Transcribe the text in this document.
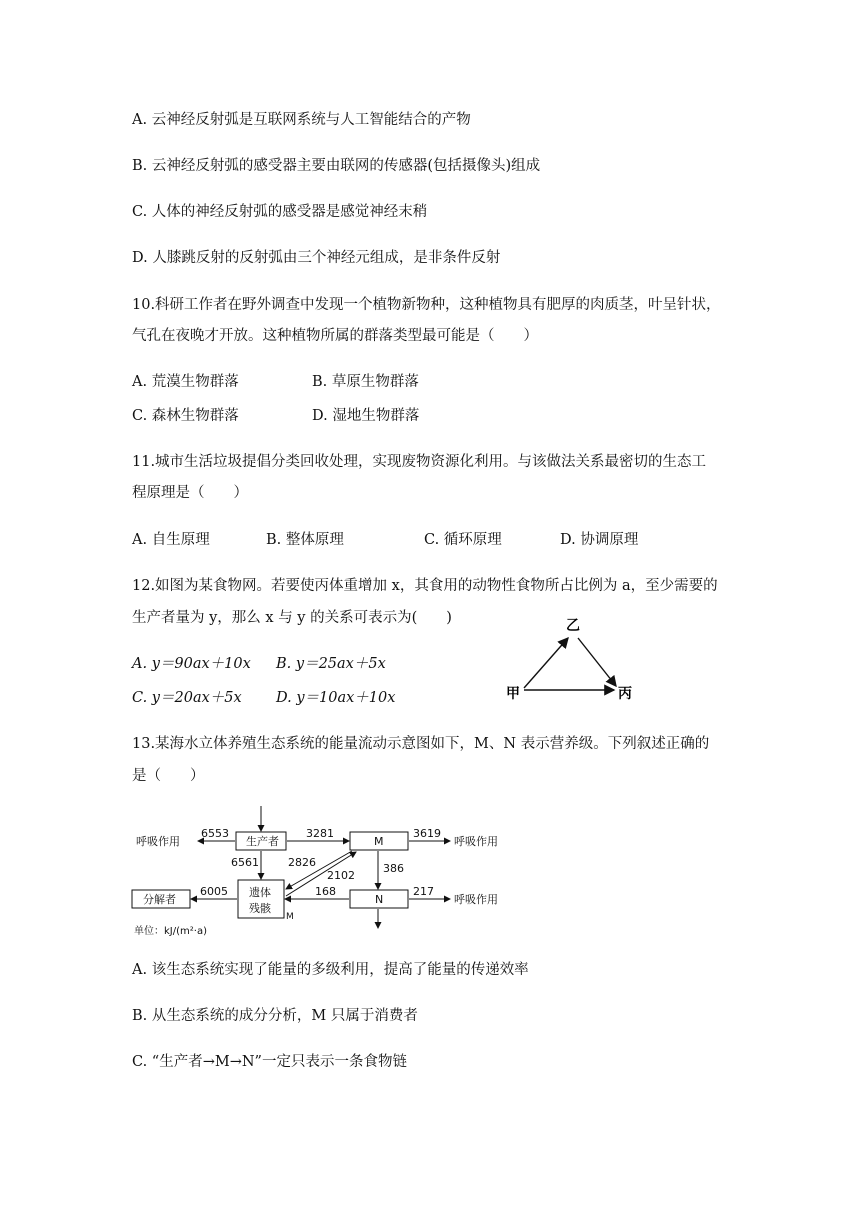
A. 云神经反射弧是互联网系统与人工智能结合的产物
B. 云神经反射弧的感受器主要由联网的传感器(包括摄像头)组成
C. 人体的神经反射弧的感受器是感觉神经末稍
D. 人膝跳反射的反射弧由三个神经元组成，是非条件反射
10.科研工作者在野外调查中发现一个植物新物种，这种植物具有肥厚的肉质茎，叶呈针状，
气孔在夜晚才开放。这种植物所属的群落类型最可能是（　　）
A. 荒漠生物群落	B. 草原生物群落
C. 森林生物群落	D. 湿地生物群落
11.城市生活垃圾提倡分类回收处理，实现废物资源化利用。与该做法关系最密切的生态工
程原理是（　　）
A. 自生原理	B. 整体原理	C. 循环原理	D. 协调原理
12.如图为某食物网。若要使丙体重增加 x，其食用的动物性食物所占比例为 a，至少需要的
生产者量为 y，那么 x 与 y 的关系可表示为(　　)
A. y＝90ax＋10x B. y＝25ax＋5x
C. y＝20ax＋5x D. y＝10ax＋10x
乙
甲	丙
13.某海水立体养殖生态系统的能量流动示意图如下，M、N 表示营养级。下列叙述正确的
是（　　）
生产者	M
N
遗体
残骸
M
分解者
呼吸作用	呼吸作用
呼吸作用
6553	3281	3619
6561	2826
2102
386
6005	168	217
单位：kJ/(m²·a)
A. 该生态系统实现了能量的多级利用，提高了能量的传递效率
B. 从生态系统的成分分析，M 只属于消费者
C. “生产者→M→N”一定只表示一条食物链
